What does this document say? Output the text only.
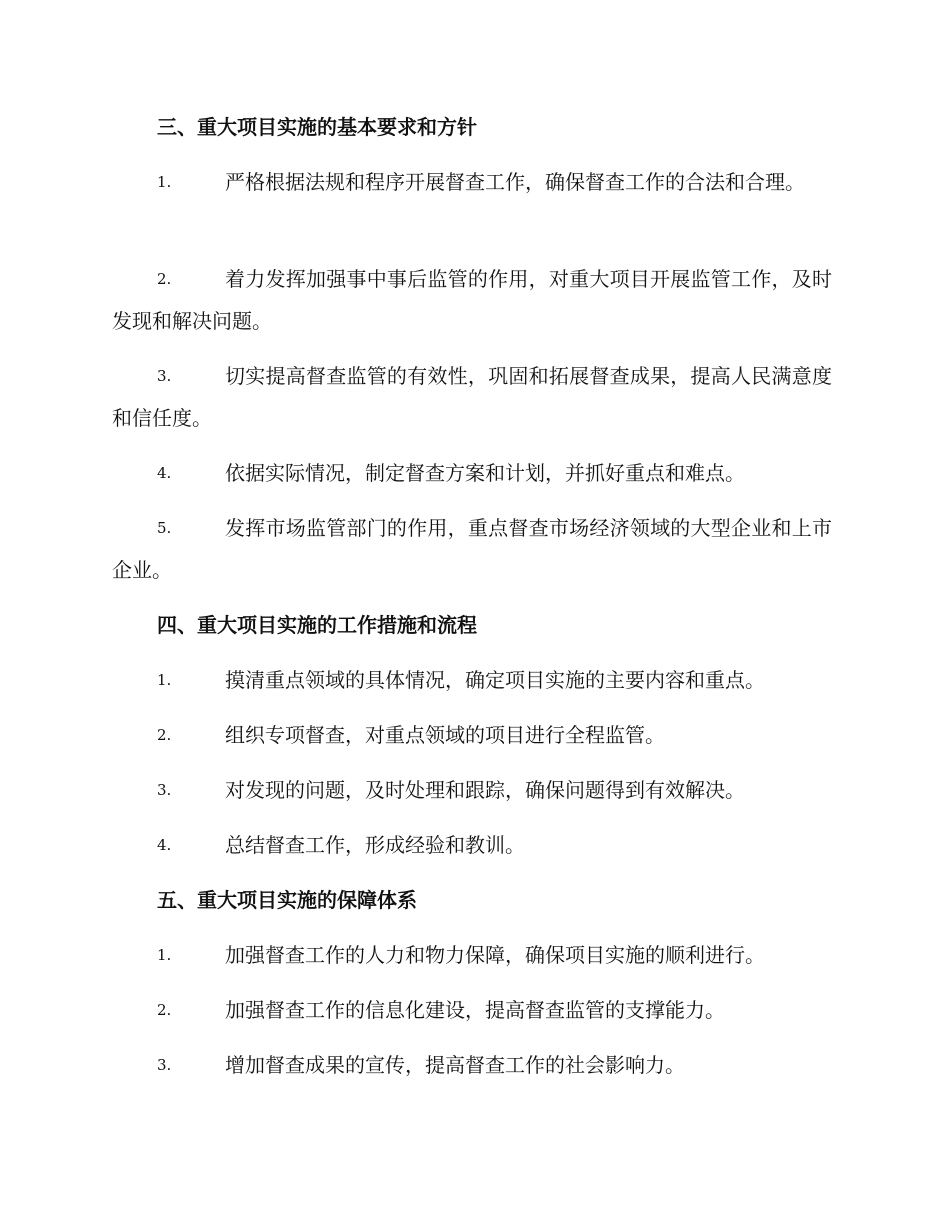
三、重大项目实施的基本要求和方针
1.	严格根据法规和程序开展督查工作，确保督查工作的合法和合理。
2.	着力发挥加强事中事后监管的作用，对重大项目开展监管工作，及时发现和解决问题。
3.	切实提高督查监管的有效性，巩固和拓展督查成果，提高人民满意度和信任度。
4.	依据实际情况，制定督查方案和计划，并抓好重点和难点。
5.	发挥市场监管部门的作用，重点督查市场经济领域的大型企业和上市企业。
四、重大项目实施的工作措施和流程
1.	摸清重点领域的具体情况，确定项目实施的主要内容和重点。
2.	组织专项督查，对重点领域的项目进行全程监管。
3.	对发现的问题，及时处理和跟踪，确保问题得到有效解决。
4.	总结督查工作，形成经验和教训。
五、重大项目实施的保障体系
1.	加强督查工作的人力和物力保障，确保项目实施的顺利进行。
2.	加强督查工作的信息化建设，提高督查监管的支撑能力。
3.	增加督查成果的宣传，提高督查工作的社会影响力。
